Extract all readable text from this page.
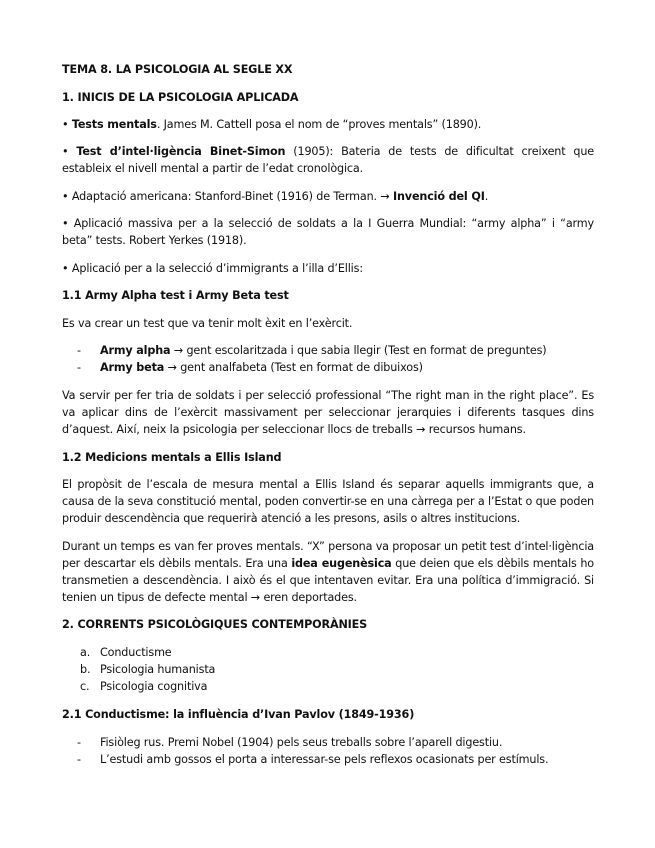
TEMA 8. LA PSICOLOGIA AL SEGLE XX
1. INICIS DE LA PSICOLOGIA APLICADA
• Tests mentals. James M. Cattell posa el nom de “proves mentals” (1890).
• Test d’intel·ligència Binet-Simon (1905): Bateria de tests de dificultat creixent que estableix el nivell mental a partir de l’edat cronològica.
• Adaptació americana: Stanford-Binet (1916) de Terman. → Invenció del QI.
• Aplicació massiva per a la selecció de soldats a la I Guerra Mundial: “army alpha” i “army beta” tests. Robert Yerkes (1918).
• Aplicació per a la selecció d’immigrants a l’illa d’Ellis:
1.1 Army Alpha test i Army Beta test
Es va crear un test que va tenir molt èxit en l’exèrcit.
- Army alpha → gent escolaritzada i que sabia llegir (Test en format de preguntes)
- Army beta → gent analfabeta (Test en format de dibuixos)
Va servir per fer tria de soldats i per selecció professional “The right man in the right place”. Es va aplicar dins de l’exèrcit massivament per seleccionar jerarquies i diferents tasques dins d’aquest. Així, neix la psicologia per seleccionar llocs de treballs → recursos humans.
1.2 Medicions mentals a Ellis Island
El propòsit de l’escala de mesura mental a Ellis Island és separar aquells immigrants que, a causa de la seva constitució mental, poden convertir-se en una càrrega per a l’Estat o que poden produir descendència que requerirà atenció a les presons, asils o altres institucions.
Durant un temps es van fer proves mentals. “X” persona va proposar un petit test d’intel·ligència per descartar els dèbils mentals. Era una idea eugenèsica que deien que els dèbils mentals ho transmetien a descendència. I això és el que intentaven evitar. Era una política d’immigració. Si tenien un tipus de defecte mental → eren deportades.
2. CORRENTS PSICOLÒGIQUES CONTEMPORÀNIES
a. Conductisme
b. Psicologia humanista
c. Psicologia cognitiva
2.1 Conductisme: la influència d’Ivan Pavlov (1849-1936)
- Fisiòleg rus. Premi Nobel (1904) pels seus treballs sobre l’aparell digestiu.
- L’estudi amb gossos el porta a interessar-se pels reflexos ocasionats per estímuls.
